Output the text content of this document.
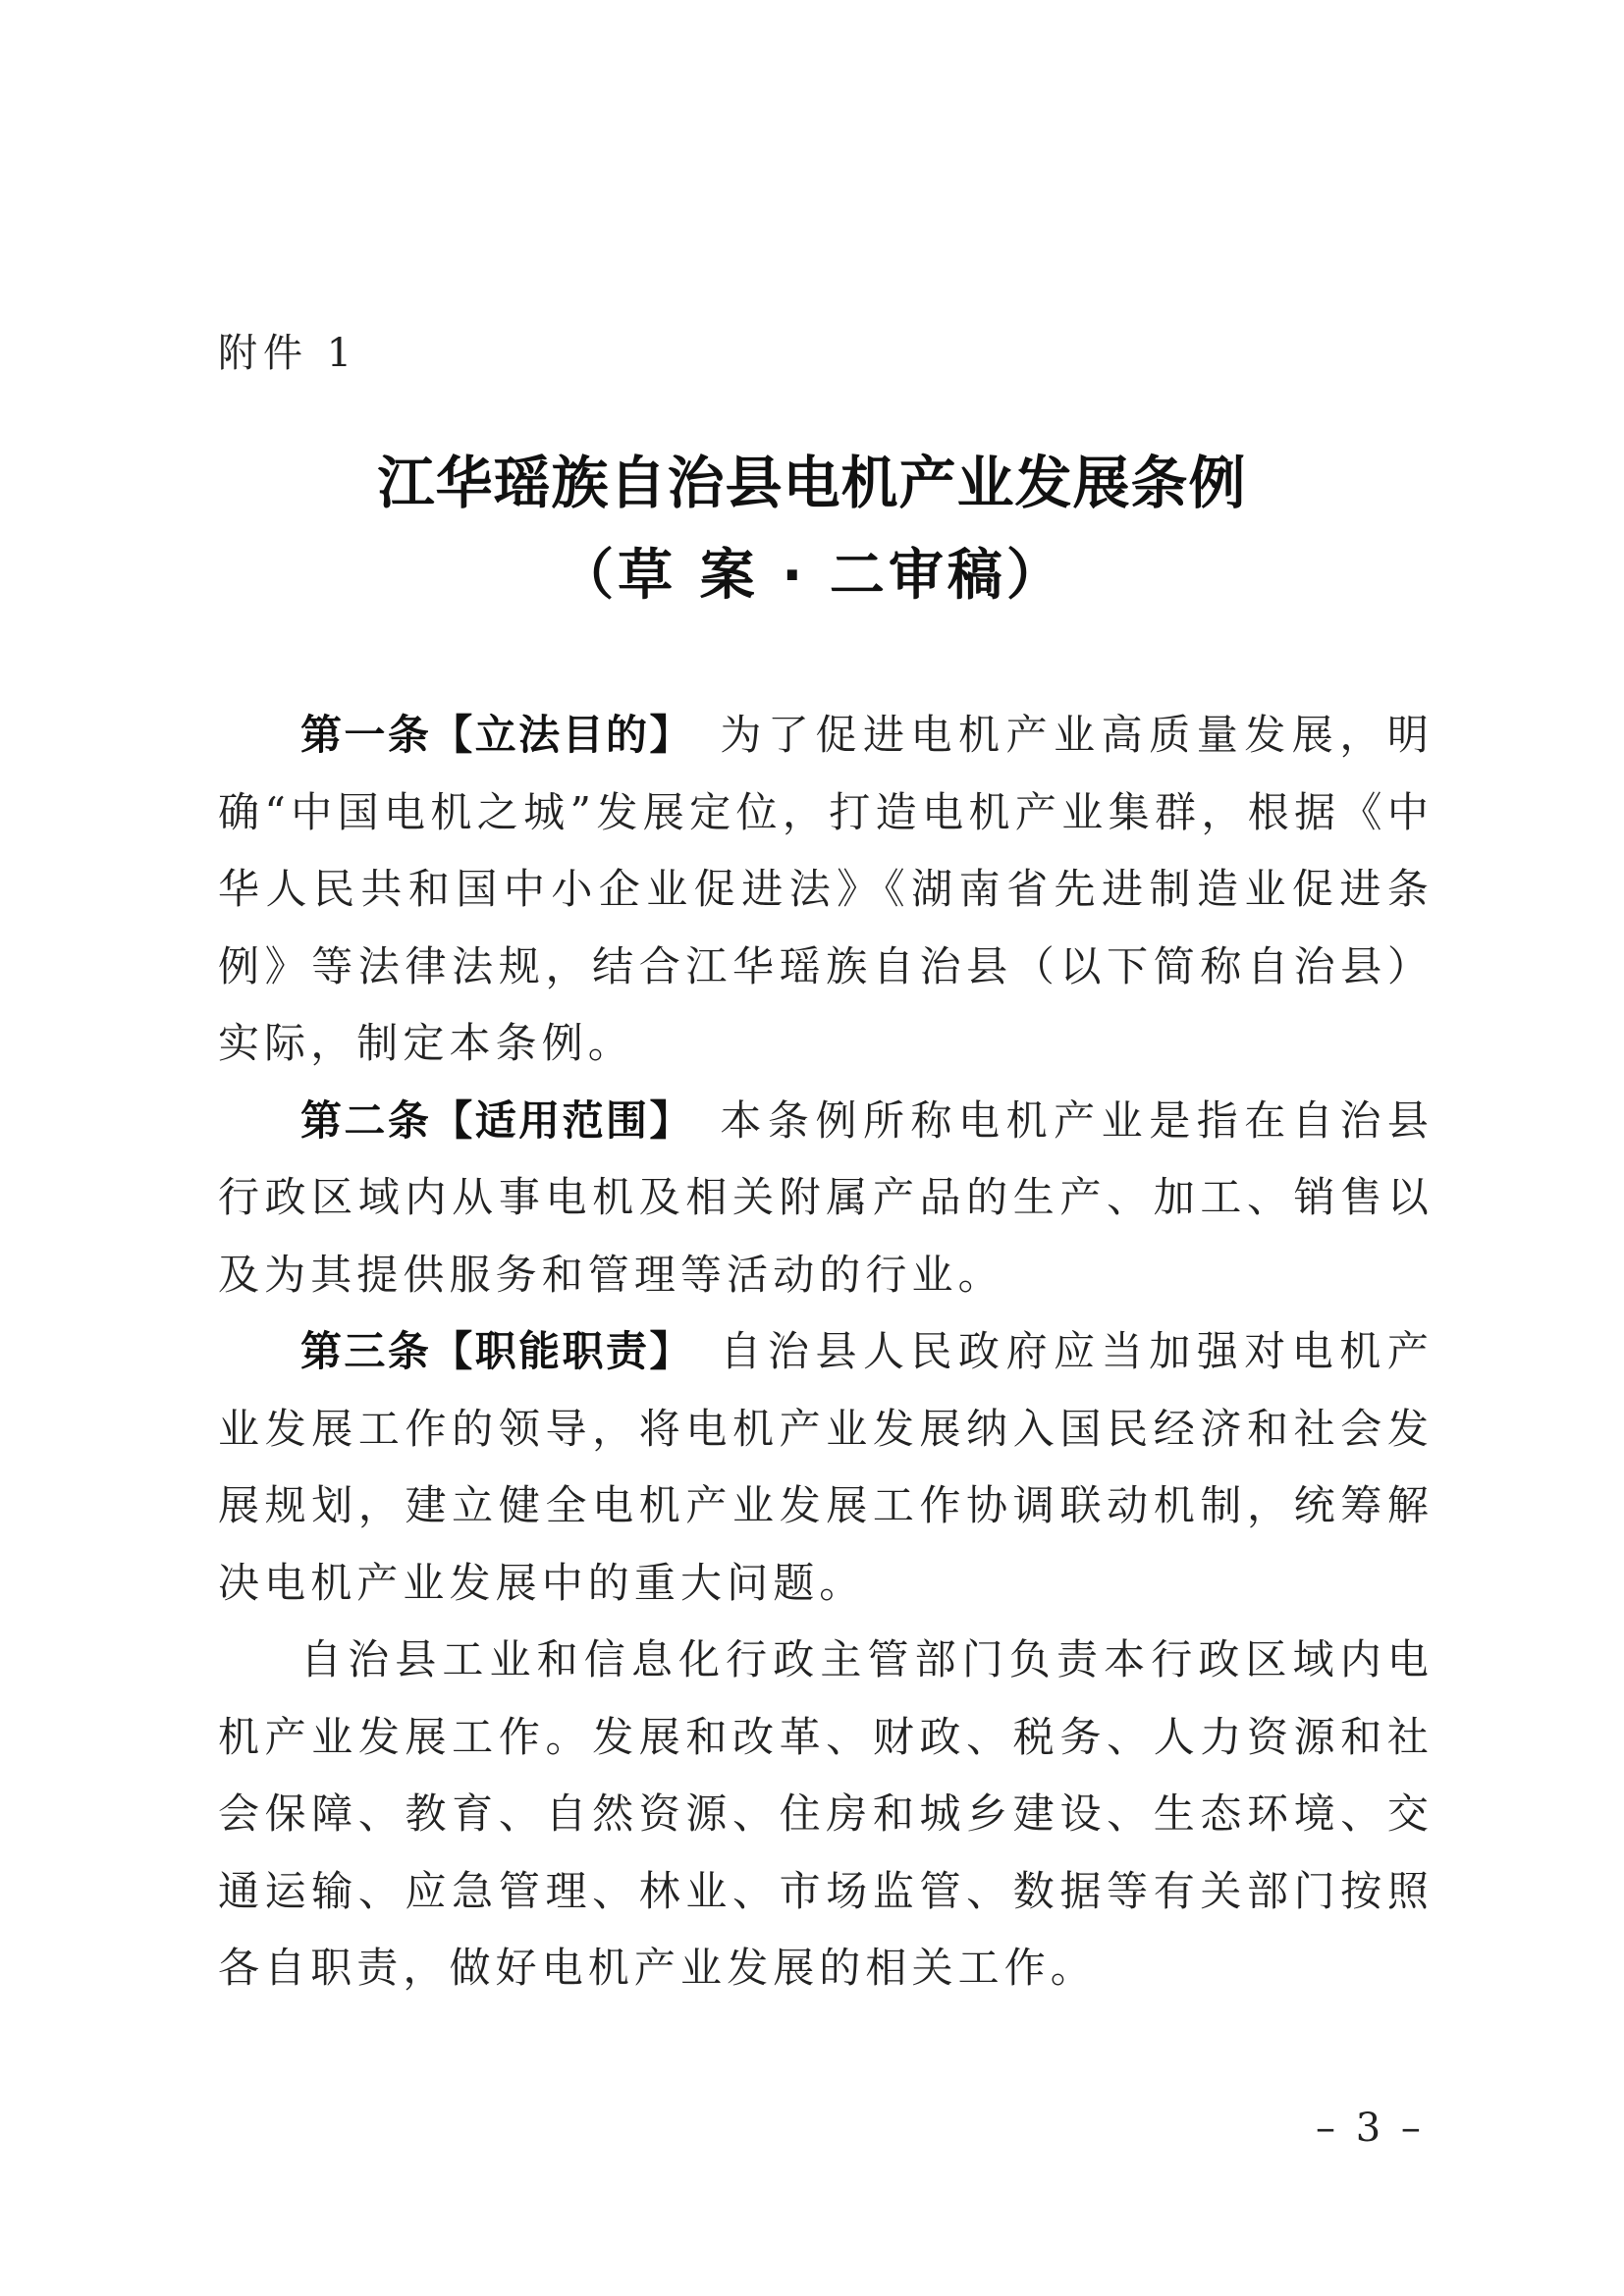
附件 1
江华瑶族自治县电机产业发展条例
（草 案 · 二审稿）

第一条【立法目的】 为了促进电机产业高质量发展，明确“中国电机之城”发展定位，打造电机产业集群，根据《中华人民共和国中小企业促进法》《湖南省先进制造业促进条例》等法律法规，结合江华瑶族自治县（以下简称自治县）实际，制定本条例。

第二条【适用范围】 本条例所称电机产业是指在自治县行政区域内从事电机及相关附属产品的生产、加工、销售以及为其提供服务和管理等活动的行业。

第三条【职能职责】 自治县人民政府应当加强对电机产业发展工作的领导，将电机产业发展纳入国民经济和社会发展规划，建立健全电机产业发展工作协调联动机制，统筹解决电机产业发展中的重大问题。

自治县工业和信息化行政主管部门负责本行政区域内电机产业发展工作。发展和改革、财政、税务、人力资源和社会保障、教育、自然资源、住房和城乡建设、生态环境、交通运输、应急管理、林业、市场监管、数据等有关部门按照各自职责，做好电机产业发展的相关工作。

– 3 –
